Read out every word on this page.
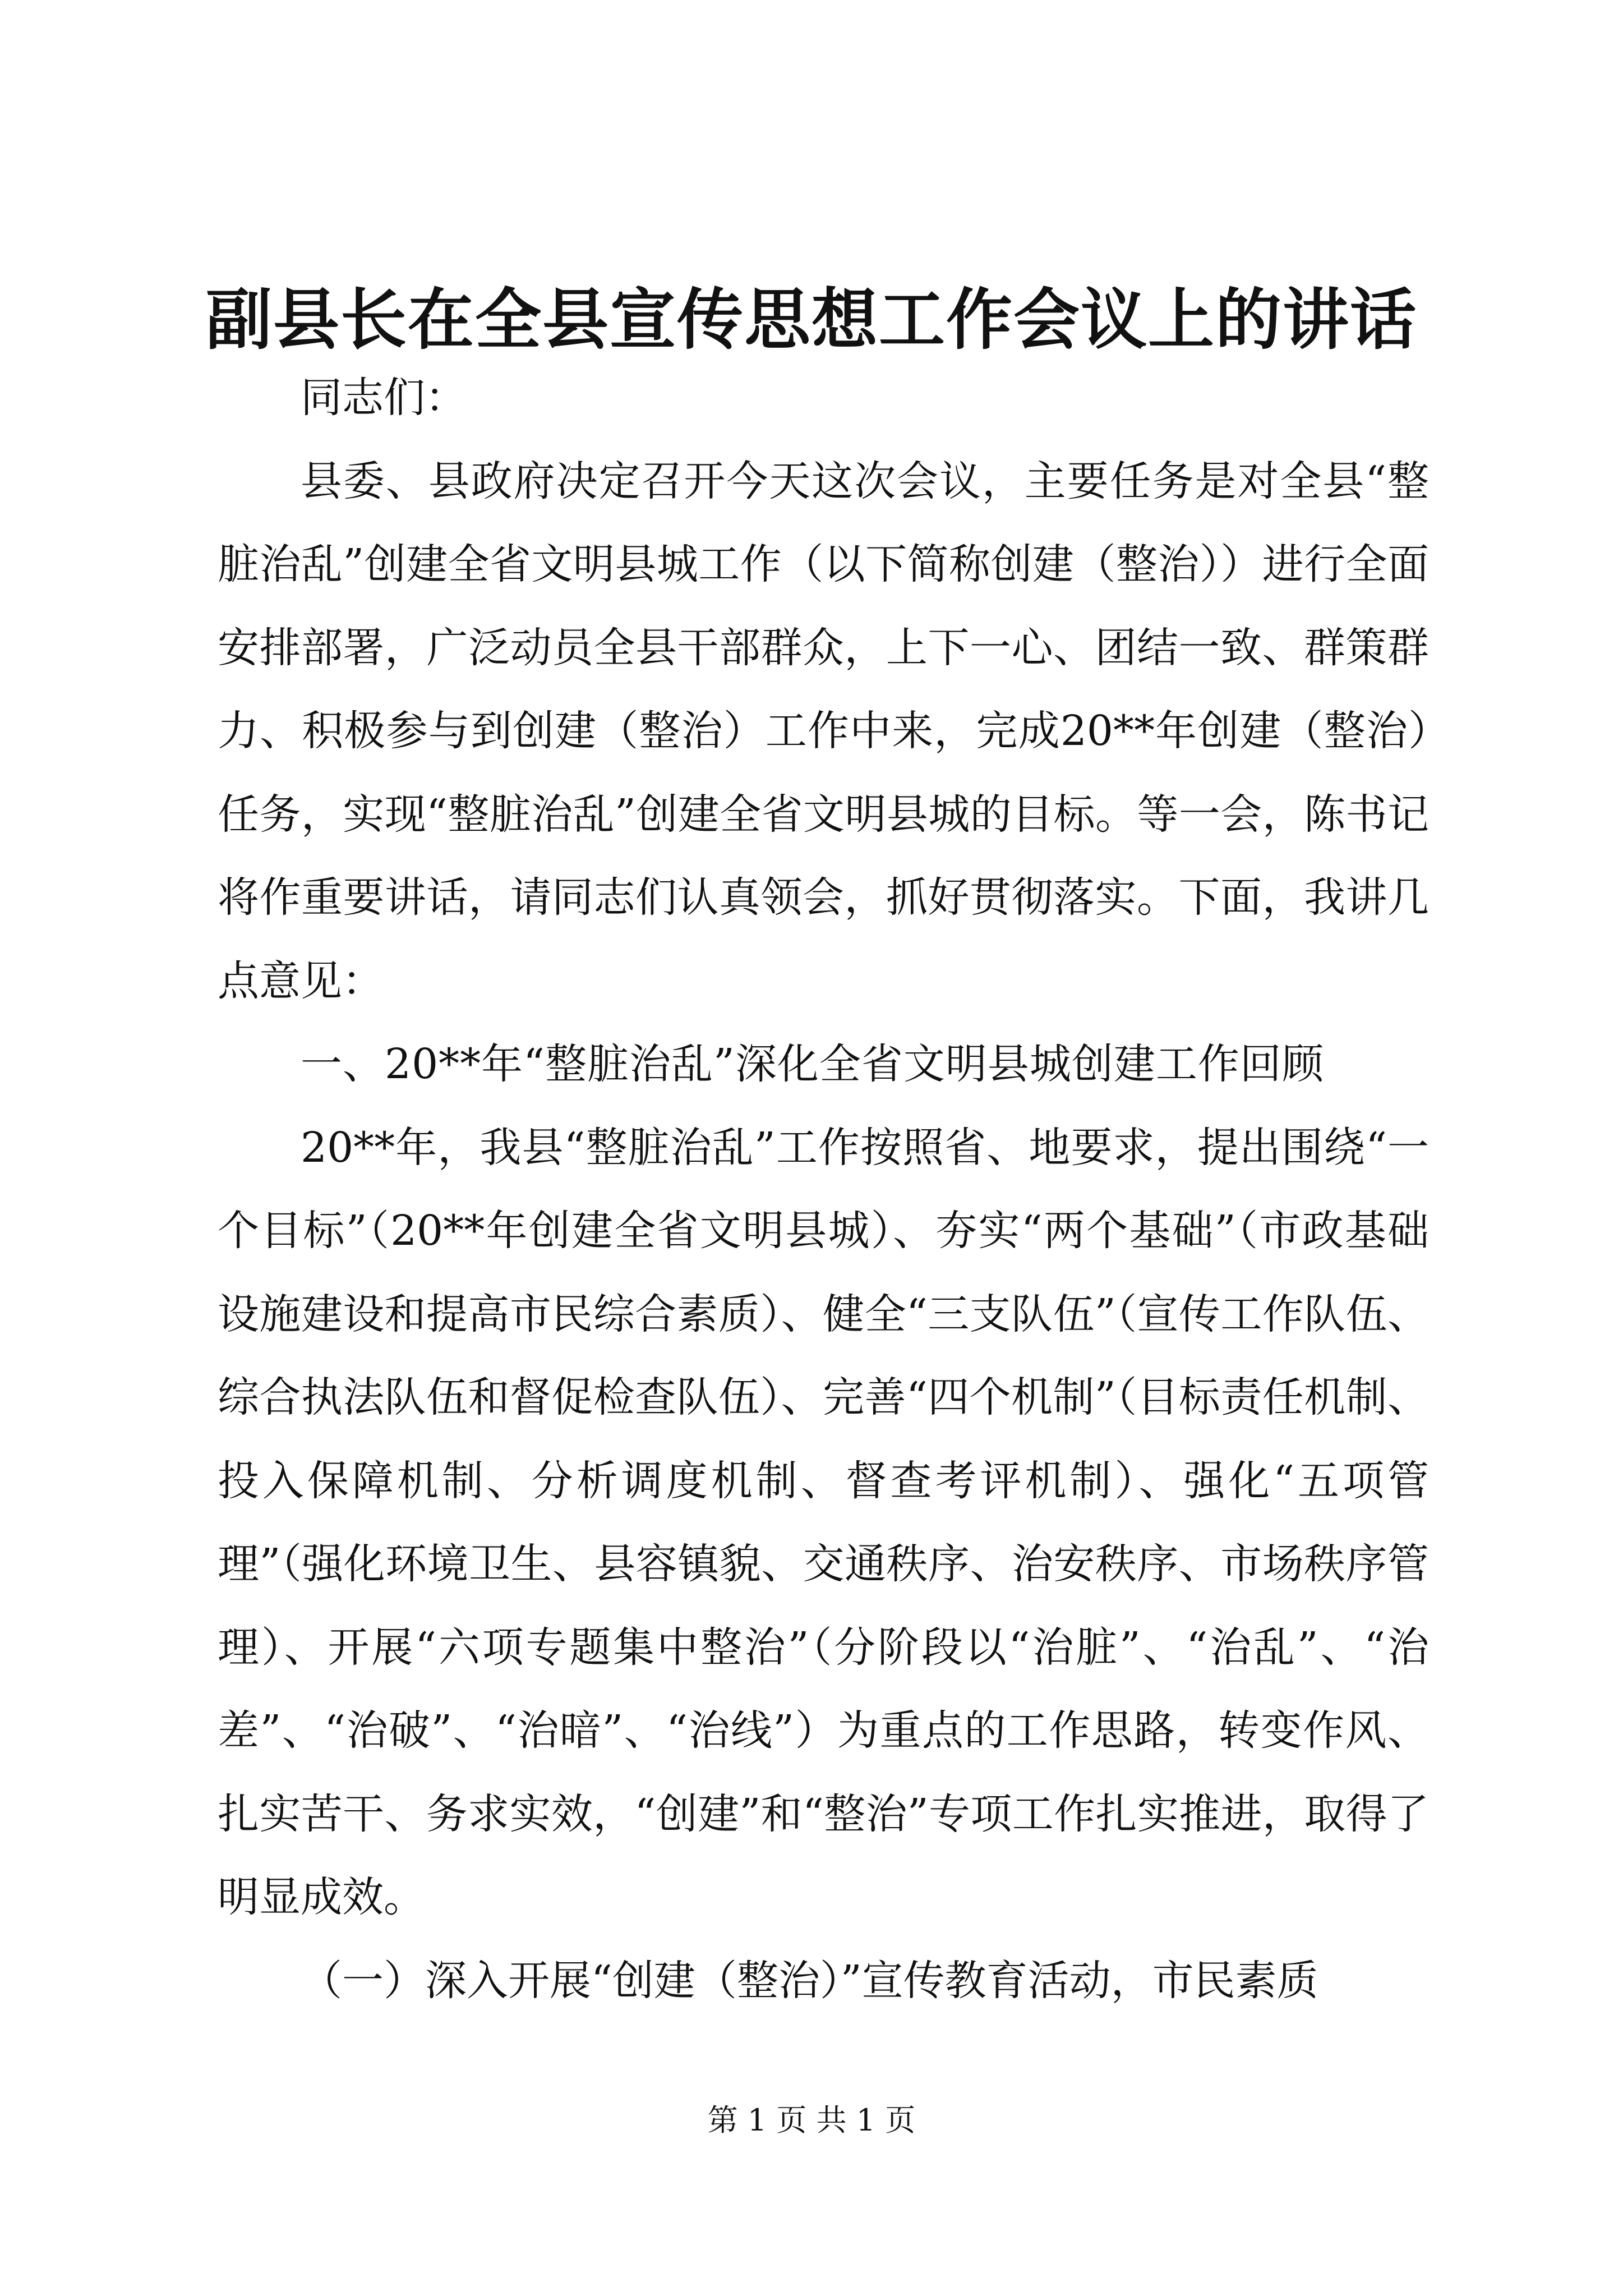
副县长在全县宣传思想工作会议上的讲话

同志们：

县委、县政府决定召开今天这次会议，主要任务是对全县“整脏治乱”创建全省文明县城工作（以下简称创建（整治））进行全面安排部署，广泛动员全县干部群众，上下一心、团结一致、群策群力、积极参与到创建（整治）工作中来，完成20**年创建（整治）任务，实现“整脏治乱”创建全省文明县城的目标。等一会，陈书记将作重要讲话，请同志们认真领会，抓好贯彻落实。下面，我讲几点意见：

一、20**年“整脏治乱”深化全省文明县城创建工作回顾

20**年，我县“整脏治乱”工作按照省、地要求，提出围绕“一个目标”（20**年创建全省文明县城）、夯实“两个基础”（市政基础设施建设和提高市民综合素质）、健全“三支队伍”（宣传工作队伍、综合执法队伍和督促检查队伍）、完善“四个机制”（目标责任机制、投入保障机制、分析调度机制、督查考评机制）、强化“五项管理”（强化环境卫生、县容镇貌、交通秩序、治安秩序、市场秩序管理）、开展“六项专题集中整治”（分阶段以“治脏”、“治乱”、“治差”、“治破”、“治暗”、“治线”）为重点的工作思路，转变作风、扎实苦干、务求实效，“创建”和“整治”专项工作扎实推进，取得了明显成效。

（一）深入开展“创建（整治）”宣传教育活动，市民素质

第 1 页 共 1 页
